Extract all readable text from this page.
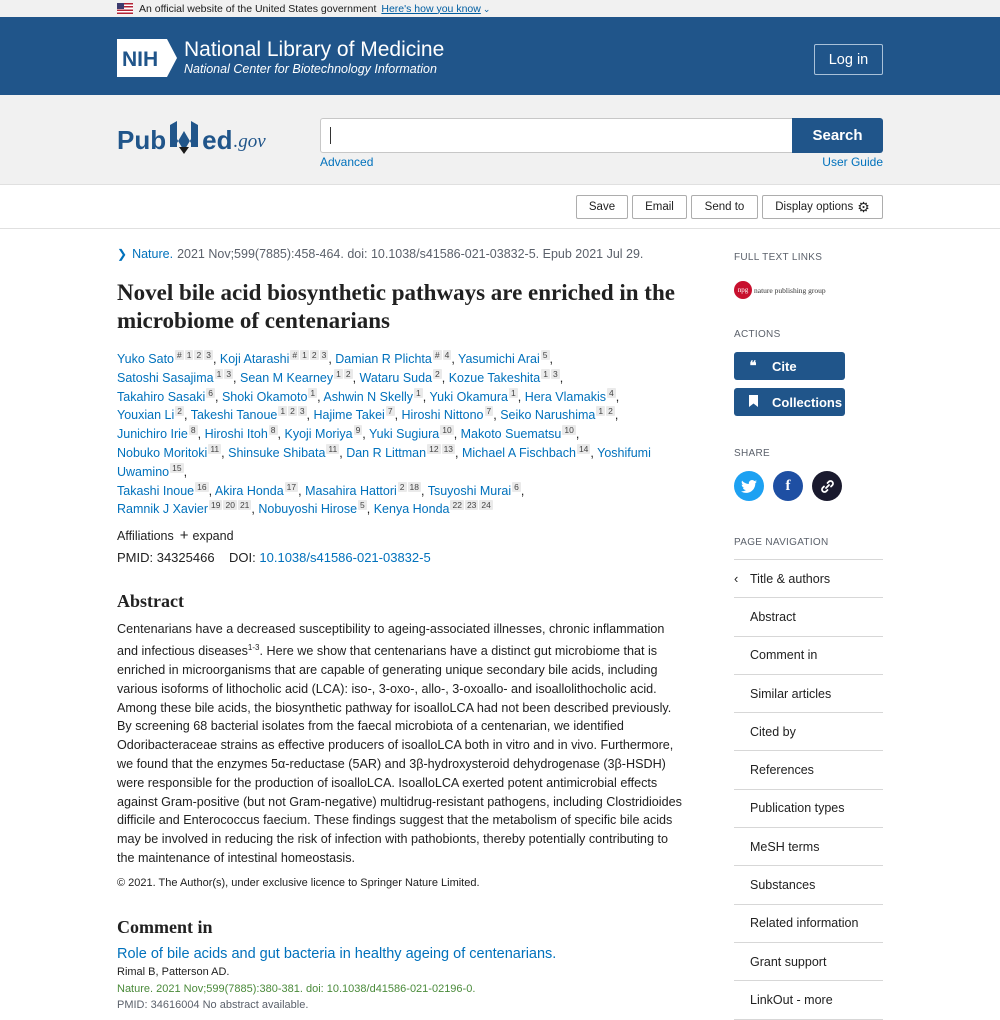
An official website of the United States government Here's how you know ⌄
NIH National Library of Medicine
National Center for Biotechnology Information
Log in
Pub ed .gov	Search
Advanced	User Guide
Save	Email	Send to	Display options ⚙
❯ Nature. 2021 Nov;599(7885):458-464. doi: 10.1038/s41586-021-03832-5. Epub 2021 Jul 29.
Novel bile acid biosynthetic pathways are enriched in the microbiome of centenarians
Yuko Sato # 1 2 3 , Koji Atarashi # 1 2 3 , Damian R Plichta # 4 , Yasumichi Arai 5 ,
Satoshi Sasajima 1 3 , Sean M Kearney 1 2 , Wataru Suda 2 , Kozue Takeshita 1 3 ,
Takahiro Sasaki 6 , Shoki Okamoto 1 , Ashwin N Skelly 1 , Yuki Okamura 1 , Hera Vlamakis 4 ,
Youxian Li 2 , Takeshi Tanoue 1 2 3 , Hajime Takei 7 , Hiroshi Nittono 7 , Seiko Narushima 1 2 ,
Junichiro Irie 8 , Hiroshi Itoh 8 , Kyoji Moriya 9 , Yuki Sugiura 10 , Makoto Suematsu 10 ,
Nobuko Moritoki 11 , Shinsuke Shibata 11 , Dan R Littman 12 13 , Michael A Fischbach 14 , Yoshifumi Uwamino 15 ,
Takashi Inoue 16 , Akira Honda 17 , Masahira Hattori 2 18 , Tsuyoshi Murai 6 ,
Ramnik J Xavier 19 20 21 , Nobuyoshi Hirose 5 , Kenya Honda 22 23 24
Affiliations + expand
PMID: 34325466 DOI: 10.1038/s41586-021-03832-5
Abstract

Centenarians have a decreased susceptibility to ageing-associated illnesses, chronic inflammation and infectious diseases$^{1-3}$. Here we show that centenarians have a distinct gut microbiome that is enriched in microorganisms that are capable of generating unique secondary bile acids, including various isoforms of lithocholic acid (LCA): iso-, 3-oxo-, allo-, 3-oxoallo- and isoallolithocholic acid. Among these bile acids, the biosynthetic pathway for isoalloLCA had not been described previously. By screening 68 bacterial isolates from the faecal microbiota of a centenarian, we identified Odoribacteraceae strains as effective producers of isoalloLCA both in vitro and in vivo. Furthermore, we found that the enzymes 5α-reductase (5AR) and 3β-hydroxysteroid dehydrogenase (3β-HSDH) were responsible for the production of isoalloLCA. IsoalloLCA exerted potent antimicrobial effects against Gram-positive (but not Gram-negative) multidrug-resistant pathogens, including Clostridioides difficile and Enterococcus faecium. These findings suggest that the metabolism of specific bile acids may be involved in reducing the risk of infection with pathobionts, thereby potentially contributing to the maintenance of intestinal homeostasis.

© 2021. The Author(s), under exclusive licence to Springer Nature Limited.
Comment in
Role of bile acids and gut bacteria in healthy ageing of centenarians.
Rimal B, Patterson AD.
Nature. 2021 Nov;599(7885):380-381. doi: 10.1038/d41586-021-02196-0.
PMID: 34616004 No abstract available.
FULL TEXT LINKS
npg nature publishing group
ACTIONS
❝	Cite
Collections
SHARE
f
PAGE NAVIGATION
‹ Title & authors
Abstract
Comment in
Similar articles
Cited by
References
Publication types
MeSH terms
Substances
Related information
Grant support
LinkOut - more
